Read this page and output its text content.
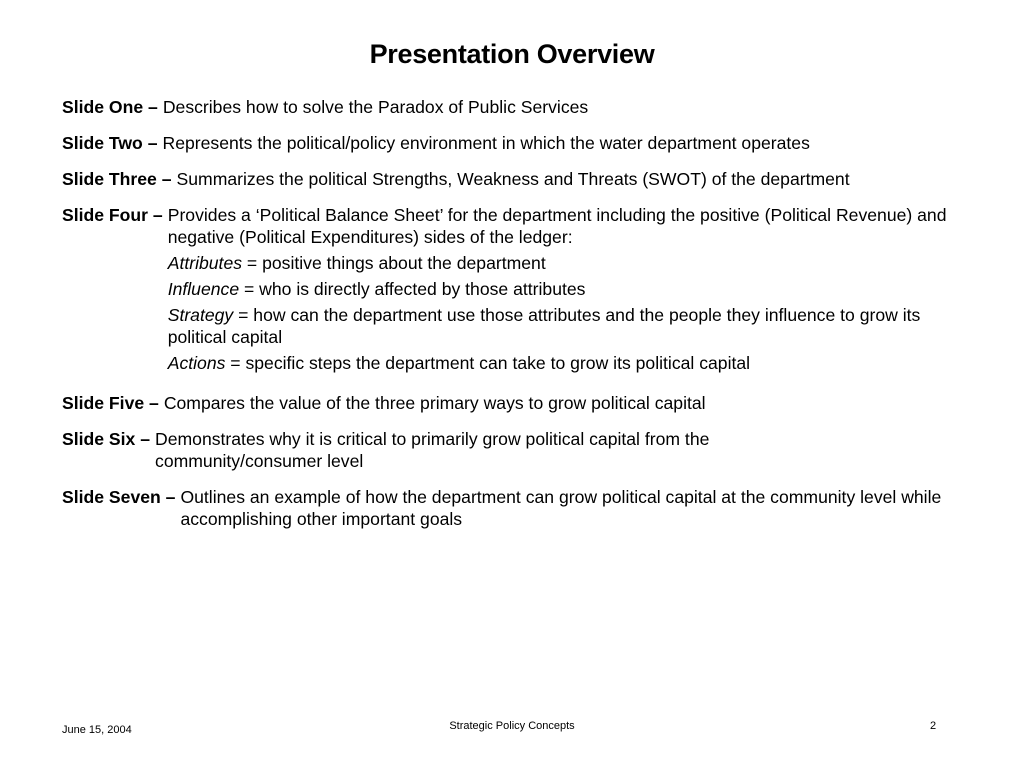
Presentation Overview
Slide One – Describes how to solve the Paradox of Public Services
Slide Two – Represents the political/policy environment in which the water department operates
Slide Three – Summarizes the political Strengths, Weakness and Threats (SWOT) of the department
Slide Four – Provides a ‘Political Balance Sheet’ for the department including the positive (Political Revenue) and negative (Political Expenditures) sides of the ledger:
Attributes = positive things about the department
Influence = who is directly affected by those attributes
Strategy = how can the department use those attributes and the people they influence to grow its political capital
Actions = specific steps the department can take to grow its political capital
Slide Five – Compares the value of the three primary ways to grow political capital
Slide Six – Demonstrates why it is critical to primarily grow political capital from the community/consumer level
Slide Seven – Outlines an example of how the department can grow political capital at the community level while accomplishing other important goals
June 15, 2004	Strategic Policy Concepts	2
